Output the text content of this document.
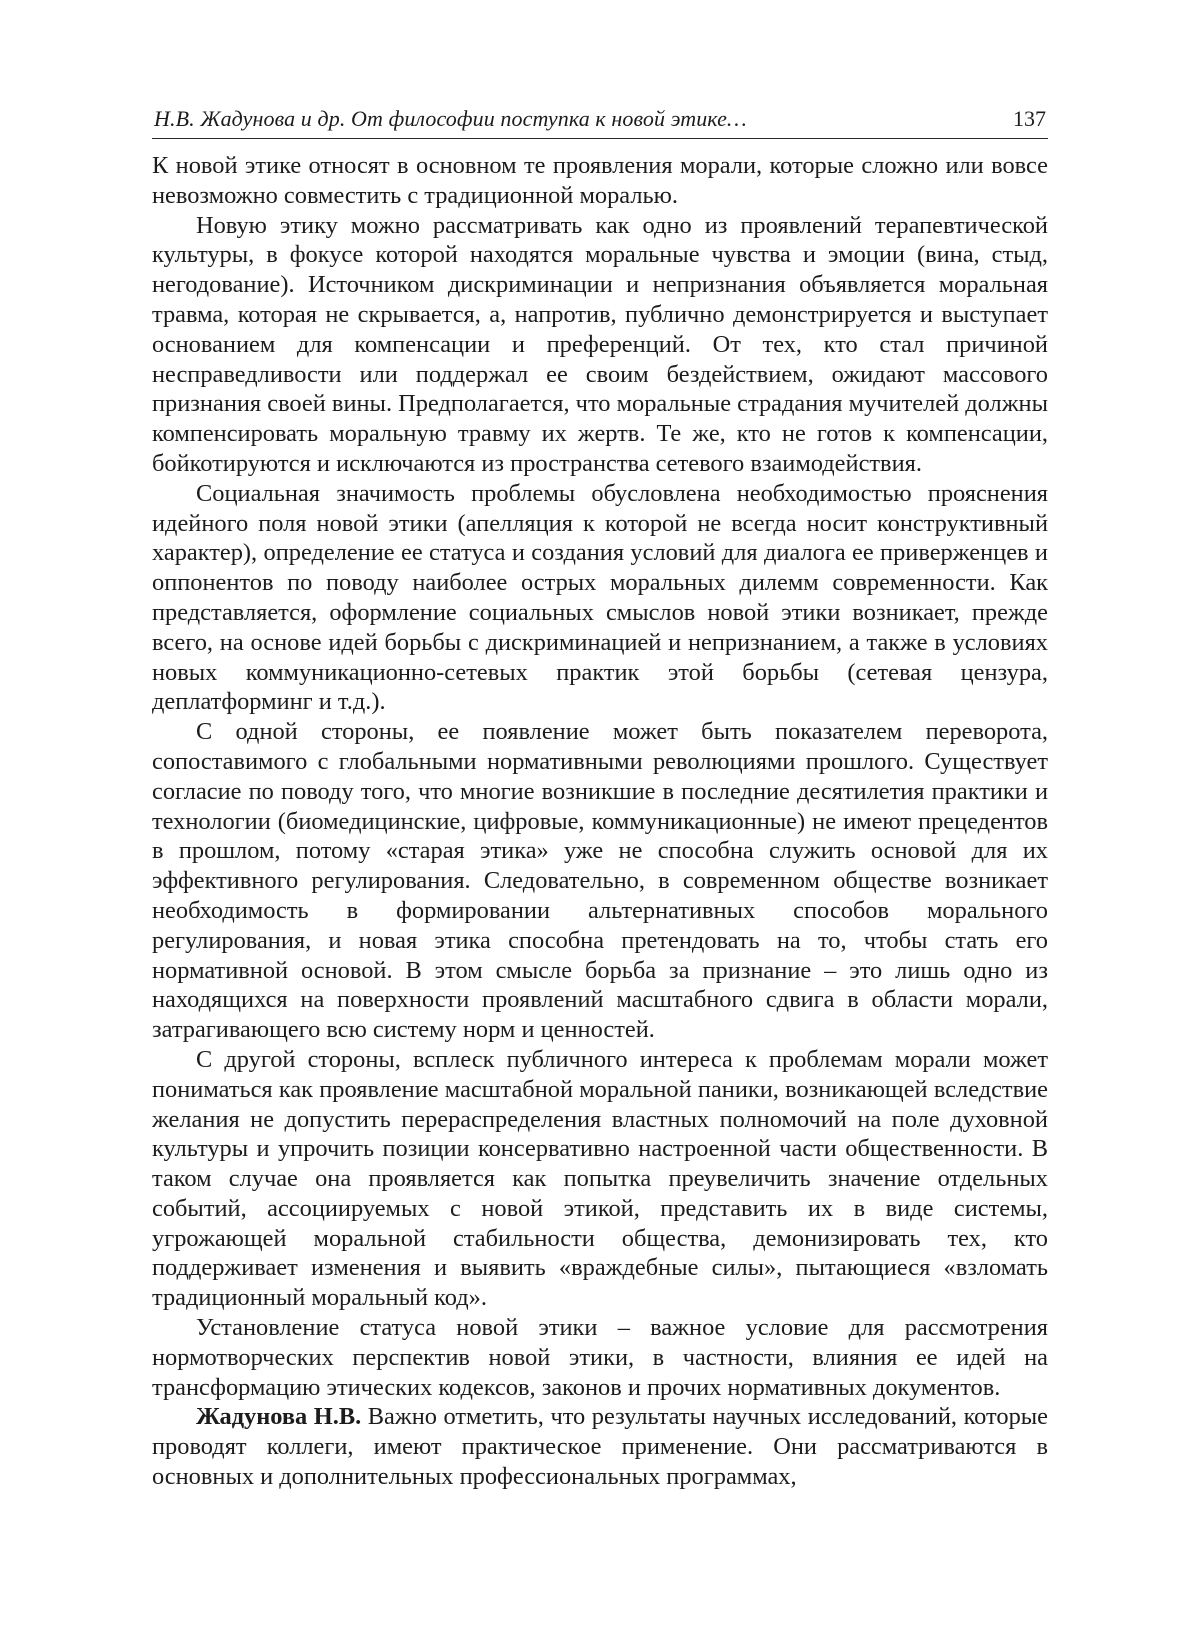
Н.В. Жадунова и др. От философии поступка к новой этике…	137

К новой этике относят в основном те проявления морали, которые сложно или вовсе невозможно совместить с традиционной моралью.

Новую этику можно рассматривать как одно из проявлений терапевтической культуры, в фокусе которой находятся моральные чувства и эмоции (вина, стыд, негодование). Источником дискриминации и непризнания объявляется моральная травма, которая не скрывается, а, напротив, публично демонстрируется и выступает основанием для компенсации и преференций. От тех, кто стал причиной несправедливости или поддержал ее своим бездействием, ожидают массового признания своей вины. Предполагается, что моральные страдания мучителей должны компенсировать моральную травму их жертв. Те же, кто не готов к компенсации, бойкотируются и исключаются из пространства сетевого взаимодействия.

Социальная значимость проблемы обусловлена необходимостью прояснения идейного поля новой этики (апелляция к которой не всегда носит конструктивный характер), определение ее статуса и создания условий для диалога ее приверженцев и оппонентов по поводу наиболее острых моральных дилемм современности. Как представляется, оформление социальных смыслов новой этики возникает, прежде всего, на основе идей борьбы с дискриминацией и непризнанием, а также в условиях новых коммуникационно-сетевых практик этой борьбы (сетевая цензура, деплатформинг и т.д.).

С одной стороны, ее появление может быть показателем переворота, сопоставимого с глобальными нормативными революциями прошлого. Существует согласие по поводу того, что многие возникшие в последние десятилетия практики и технологии (биомедицинские, цифровые, коммуникационные) не имеют прецедентов в прошлом, потому «старая этика» уже не способна служить основой для их эффективного регулирования. Следовательно, в современном обществе возникает необходимость в формировании альтернативных способов морального регулирования, и новая этика способна претендовать на то, чтобы стать его нормативной основой. В этом смысле борьба за признание – это лишь одно из находящихся на поверхности проявлений масштабного сдвига в области морали, затрагивающего всю систему норм и ценностей.

С другой стороны, всплеск публичного интереса к проблемам морали может пониматься как проявление масштабной моральной паники, возникающей вследствие желания не допустить перераспределения властных полномочий на поле духовной культуры и упрочить позиции консервативно настроенной части общественности. В таком случае она проявляется как попытка преувеличить значение отдельных событий, ассоциируемых с новой этикой, представить их в виде системы, угрожающей моральной стабильности общества, демонизировать тех, кто поддерживает изменения и выявить «враждебные силы», пытающиеся «взломать традиционный моральный код».

Установление статуса новой этики – важное условие для рассмотрения нормотворческих перспектив новой этики, в частности, влияния ее идей на трансформацию этических кодексов, законов и прочих нормативных документов.

Жадунова Н.В. Важно отметить, что результаты научных исследований, которые проводят коллеги, имеют практическое применение. Они рассматриваются в основных и дополнительных профессиональных программах,
